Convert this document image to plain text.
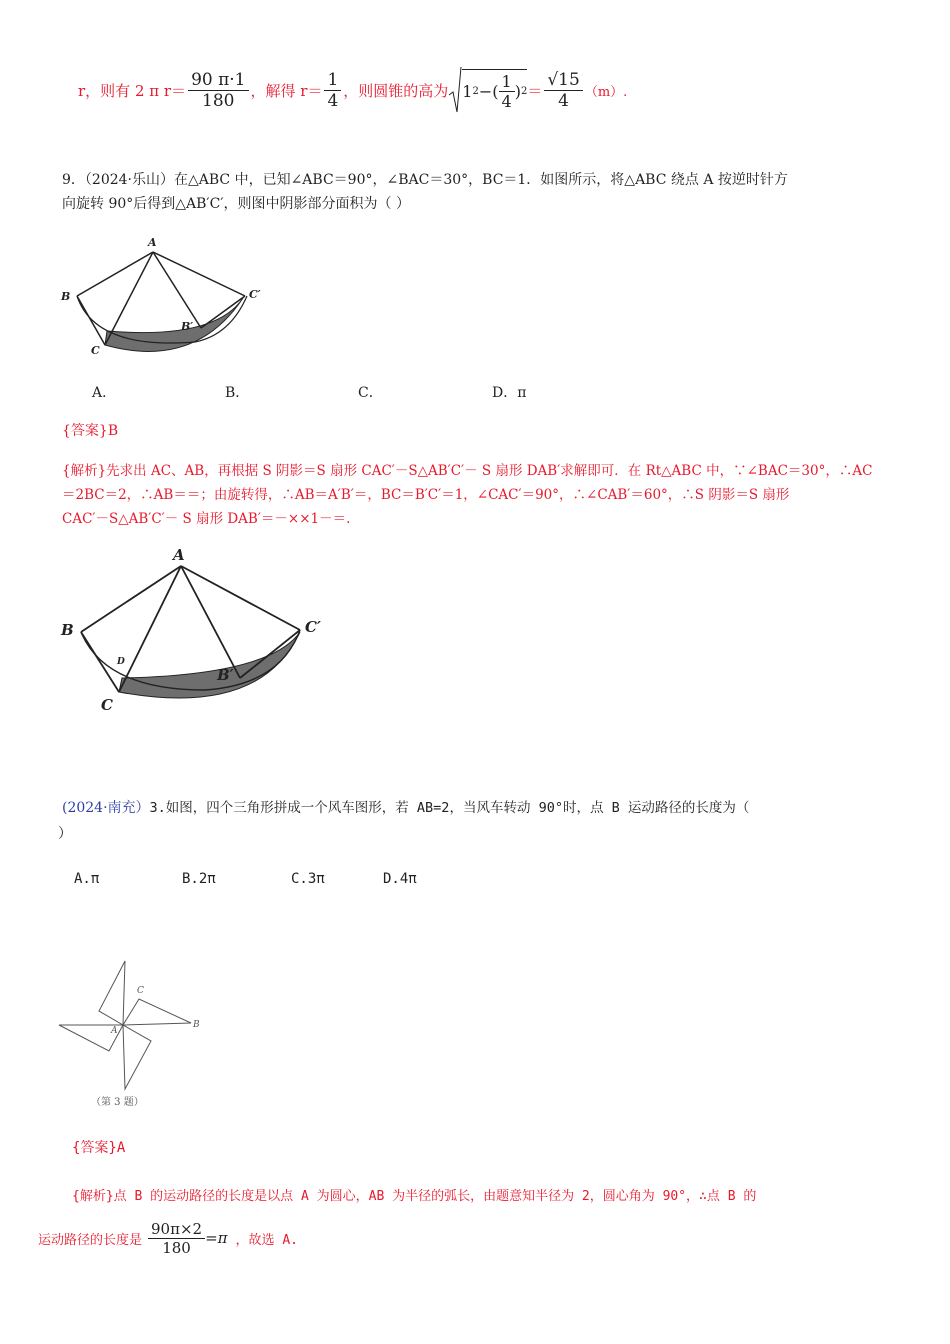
r，则有 2 π $r= \frac{90 \pi\cdot 1}{180}$ ，解得 $r= \frac{1}{4}$ ，则圆锥的高为 1 2 −( $\frac{1}{4}$ ) $2 = \frac{√15}{4} (m)$.
9．（2024·乐山）在△ABC 中，已知∠ABC＝90°，∠BAC＝30°，BC＝1．如图所示，将△ABC 绕点 A 按逆时针方
向旋转 90°后得到△AB′C′，则图中阴影部分面积为（ ）
A
B
C
B′
C′
A．	B．	C．	D．π
{答案}B
{解析}先求出 AC、AB，再根据 S 阴影＝S 扇形 CAC′－S△AB′C′－ S 扇形 DAB′求解即可．在 Rt△ABC 中，∵∠BAC＝30°，∴AC
＝2BC＝2，∴AB＝＝；由旋转得，∴AB＝A′B′＝，BC＝B′C′＝1，∠CAC′＝90°，∴∠CAB′＝60°，∴S 阴影＝S 扇形
CAC′－S△AB′C′－ S 扇形 DAB′＝－××1－＝.
A
B
C
D
B′
C′
(2024·南充）3.如图，四个三角形拼成一个风车图形，若 AB=2，当风车转动 90°时，点 B 运动路径的长度为（
）
A.π	B.2π	C.3π	D.4π
A
B
C
（第 3 题）
{答案}A
{解析}点 B 的运动路径的长度是以点 A 为圆心，AB 为半径的弧长，由题意知半径为 2，圆心角为 90°，∴点 B 的
运动路径的长度是 $\frac{90\pi\times 2}{180} =\pi$ ，故选 A.
